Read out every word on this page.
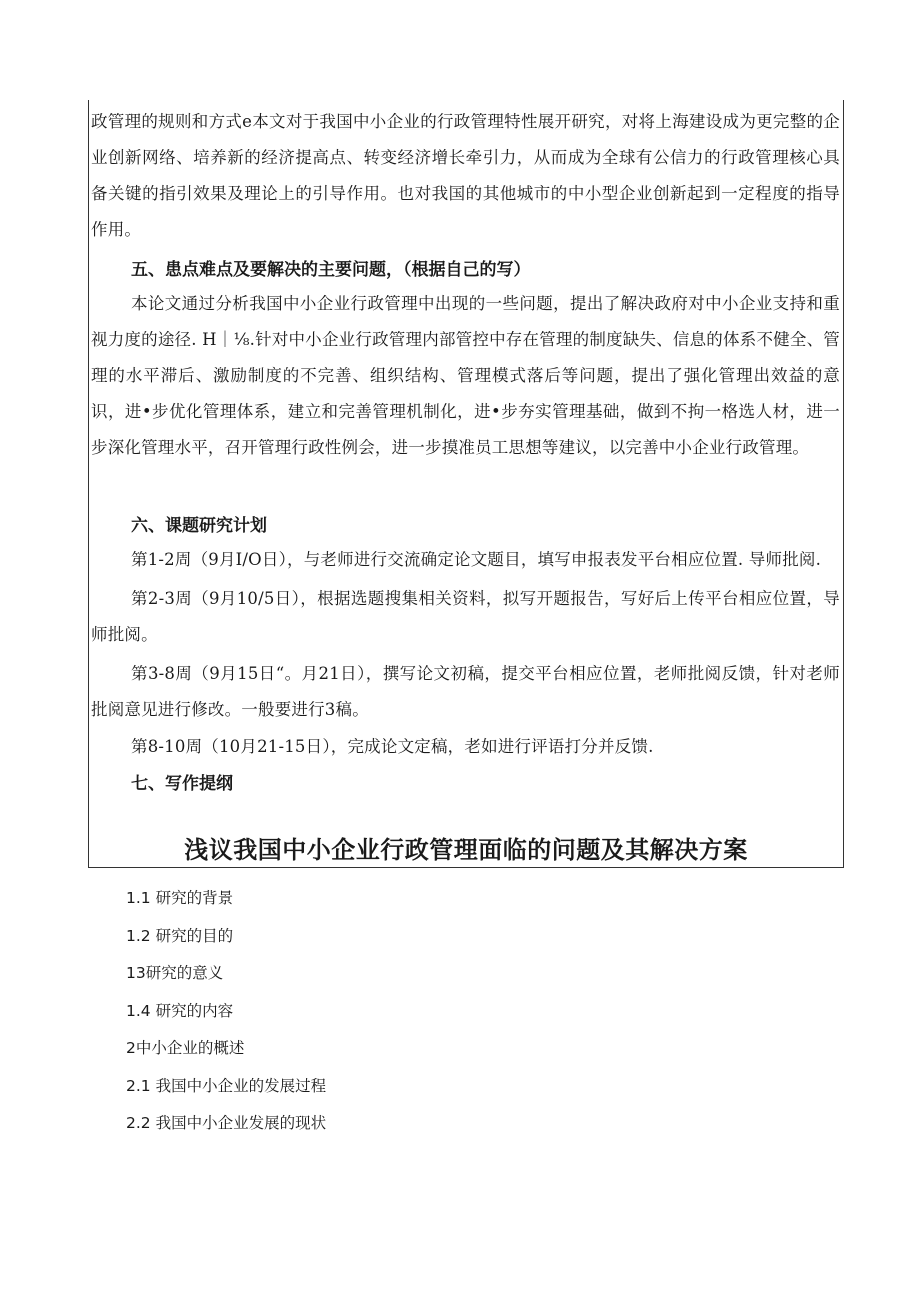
政管理的规则和方式e本文对于我国中小企业的行政管理特性展开研究，对将上海建设成为更完整的企业创新网络、培养新的经济提高点、转变经济增长牵引力，从而成为全球有公信力的行政管理核心具备关键的指引效果及理论上的引导作用。也对我国的其他城市的中小型企业创新起到一定程度的指导作用。

五、患点难点及要解决的主要问题，（根据自己的写）

本论文通过分析我国中小企业行政管理中出现的一些问题，提出了解决政府对中小企业支持和重视力度的途径. H｜⅛.针对中小企业行政管理内部管控中存在管理的制度缺失、信息的体系不健全、管理的水平滞后、激励制度的不完善、组织结构、管理模式落后等问题，提出了强化管理出效益的意识，进•步优化管理体系，建立和完善管理机制化，进•步夯实管理基础，做到不拘一格选人材，进一步深化管理水平，召开管理行政性例会，进一步摸准员工思想等建议，以完善中小企业行政管理。

六、课题研究计划

第1-2周（9月I/O日），与老师进行交流确定论文题目，填写申报表发平台相应位置. 导师批阅.

第2-3周（9月10/5日），根据选题搜集相关资料，拟写开题报告，写好后上传平台相应位置，导师批阅。

第3-8周（9月15日“。月21日），撰写论文初稿，提交平台相应位置，老师批阅反馈，针对老师批阅意见进行修改。一般要进行3稿。

第8-10周（10月21-15日），完成论文定稿，老如进行评语打分并反馈.

七、写作提纲
浅议我国中小企业行政管理面临的问题及其解决方案

1.1 研究的背景

1.2 研究的目的

13研究的意义

1.4 研究的内容

2中小企业的概述

2.1 我国中小企业的发展过程

2.2 我国中小企业发展的现状
